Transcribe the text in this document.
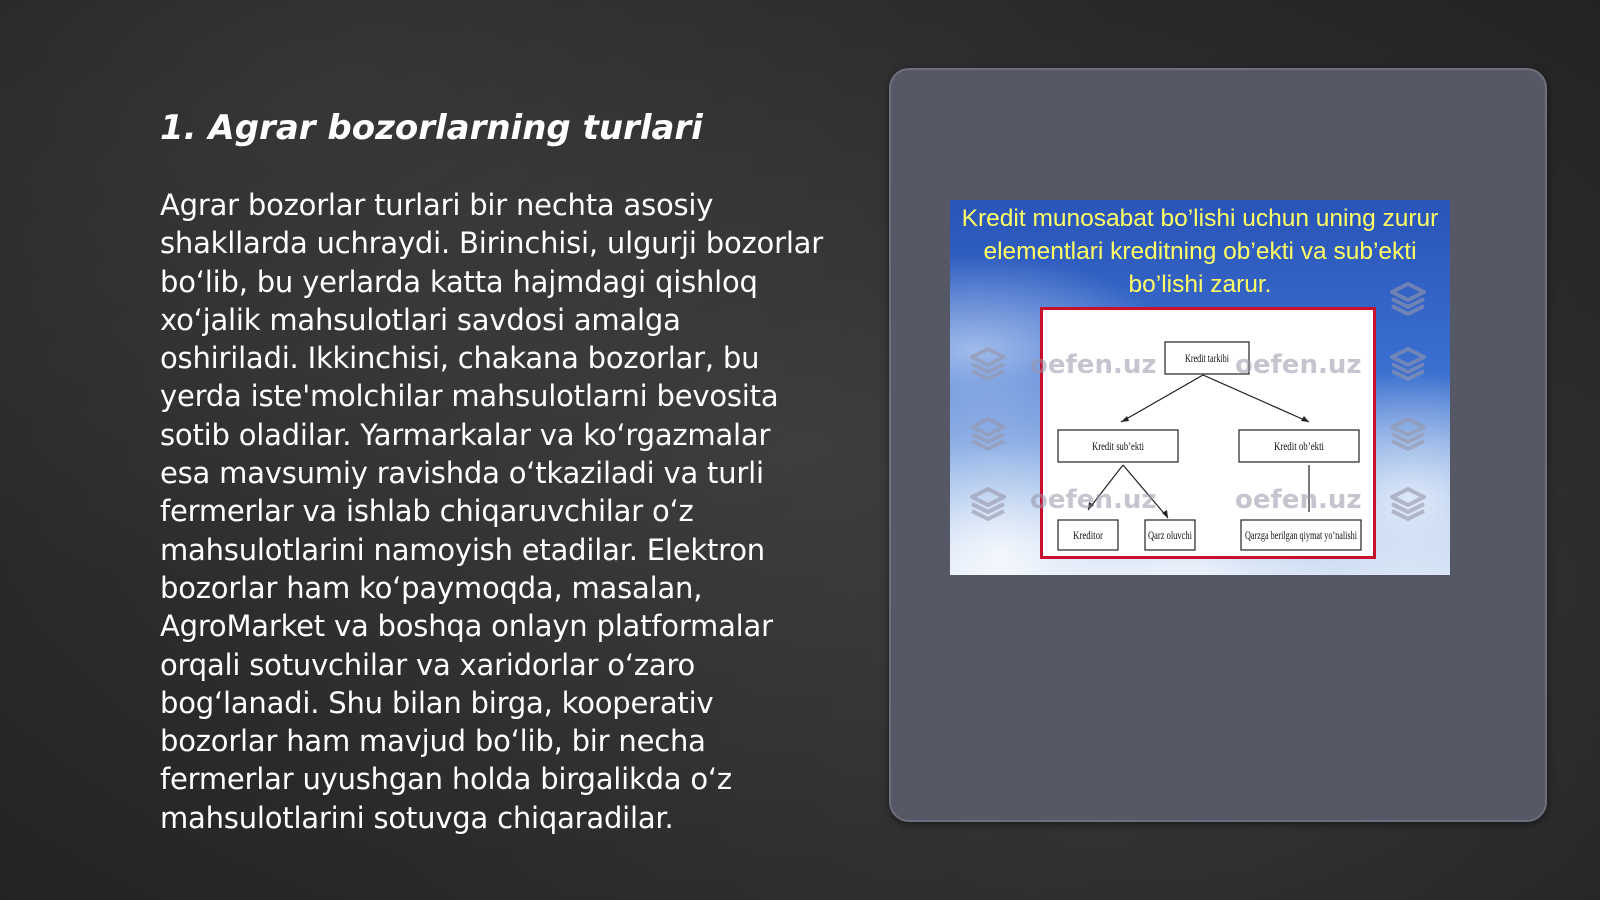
1. Agrar bozorlarning turlari

Agrar bozorlar turlari bir nechta asosiy shakllarda uchraydi. Birinchisi, ulgurji bozorlar bo‘lib, bu yerlarda katta hajmdagi qishloq xo‘jalik mahsulotlari savdosi amalga oshiriladi. Ikkinchisi, chakana bozorlar, bu yerda iste'molchilar mahsulotlarni bevosita sotib oladilar. Yarmarkalar va ko‘rgazmalar esa mavsumiy ravishda o‘tkaziladi va turli fermerlar va ishlab chiqaruvchilar o‘z mahsulotlarini namoyish etadilar. Elektron bozorlar ham ko‘paymoqda, masalan, AgroMarket va boshqa onlayn platformalar orqali sotuvchilar va xaridorlar o‘zaro bog‘lanadi. Shu bilan birga, kooperativ bozorlar ham mavjud bo‘lib, bir necha fermerlar uyushgan holda birgalikda o‘z mahsulotlarini sotuvga chiqaradilar.

Kredit munosabat bo’lishi uchun uning zurur elementlari kreditning ob’ekti va sub’ekti bo’lishi zarur.

Kredit tarkibi
Kredit sub’ekti	Kredit ob’ekti
Kreditor	Qarz oluvchi	Qarzga berilgan qiymat yo’nalishi
oefen.uz	oefen.uz
oefen.uz	oefen.uz
